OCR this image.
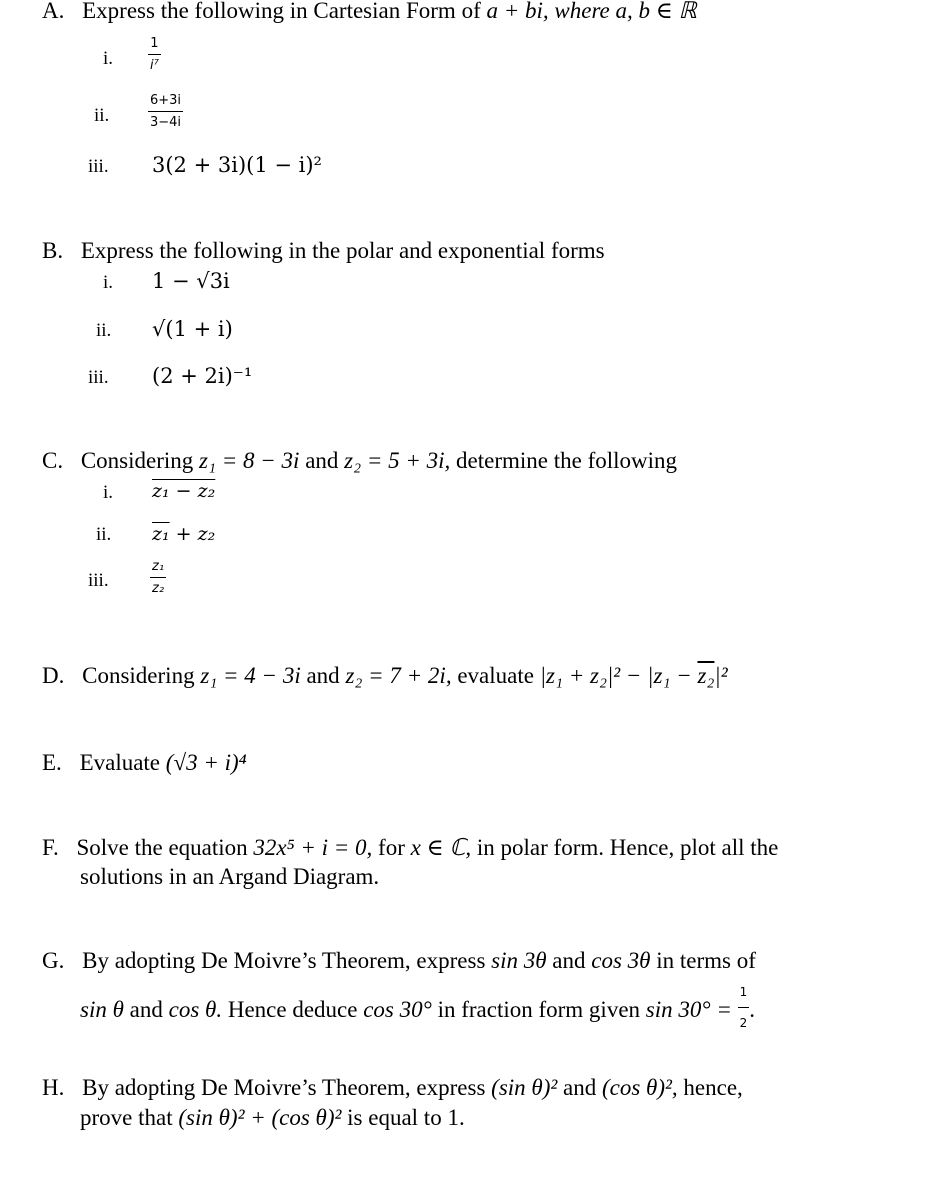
A. Express the following in Cartesian Form of a + bi, where a, b ∈ ℝ
i.	$\frac{1}{\text{i⁷}}$
ii.	$\frac{6+3i}{3-4i}$
iii. 3(2 + 3i)(1 − i)²
B. Express the following in the polar and exponential forms
i. 1 − √3i
ii. √(1 + i)
iii. (2 + 2i)⁻¹
C. Considering z₁ = 8 − 3i and z₂ = 5 + 3i, determine the following
i. z₁ − z₂
ii. z₁ + z₂
iii.	$\frac{\text{z₁}}{\text{z₂}}$
D. Considering z₁ = 4 − 3i and z₂ = 7 + 2i, evaluate |z₁ + z₂|² − |z₁ − z₂|²
E. Evaluate (√3 + i)⁴
F. Solve the equation 32x⁵ + i = 0, for x ∈ ℂ, in polar form. Hence, plot all the
solutions in an Argand Diagram.
G. By adopting De Moivre’s Theorem, express sin 3θ and cos 3θ in terms of
sin θ and cos θ. Hence deduce cos 30° in fraction form given $\sin 30^\circ = \frac{1}{2}$ .
H. By adopting De Moivre’s Theorem, express (sin θ)² and (cos θ)², hence,
prove that (sin θ)² + (cos θ)² is equal to 1.
